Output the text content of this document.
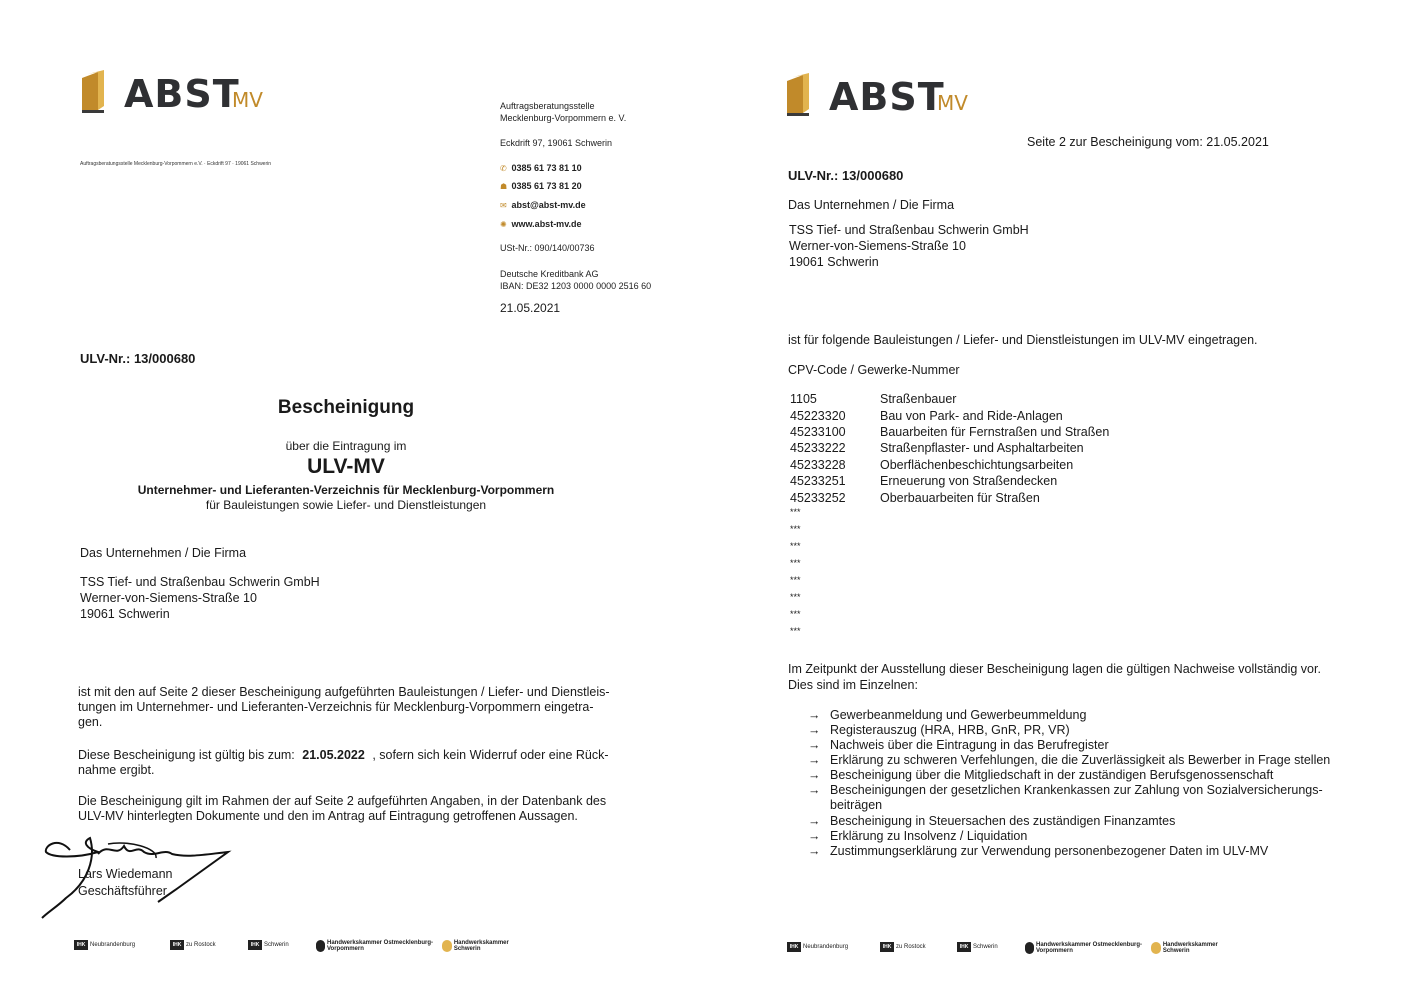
ABST
MV
Auftragsberatungsstelle Mecklenburg-Vorpommern e.V. · Eckdrift 97 · 19061 Schwerin
Auftragsberatungsstelle
Mecklenburg-Vorpommern e. V.
Eckdrift 97, 19061 Schwerin
✆ 0385 61 73 81 10
☗ 0385 61 73 81 20
✉ abst@abst-mv.de
✺ www.abst-mv.de
USt-Nr.: 090/140/00736
Deutsche Kreditbank AG
IBAN: DE32 1203 0000 0000 2516 60
21.05.2021
ULV-Nr.: 13/000680
Bescheinigung
über die Eintragung im
ULV-MV
Unternehmer- und Lieferanten-Verzeichnis für Mecklenburg-Vorpommern
für Bauleistungen sowie Liefer- und Dienstleistungen
Das Unternehmen / Die Firma
TSS Tief- und Straßenbau Schwerin GmbH
Werner-von-Siemens-Straße 10
19061 Schwerin
ist mit den auf Seite 2 dieser Bescheinigung aufgeführten Bauleistungen / Liefer- und Dienstleis-
tungen im Unternehmer- und Lieferanten-Verzeichnis für Mecklenburg-Vorpommern eingetra-
gen.
Diese Bescheinigung ist gültig bis zum: 21.05.2022 , sofern sich kein Widerruf oder eine Rück-
nahme ergibt.
Die Bescheinigung gilt im Rahmen der auf Seite 2 aufgeführten Angaben, in der Datenbank des
ULV-MV hinterlegten Dokumente und den im Antrag auf Eintragung getroffenen Aussagen.
Lars Wiedemann
Geschäftsführer
IHK Neubrandenburg	IHK zu Rostock	IHK Schwerin	Handwerkskammer Ostmecklenburg-Vorpommern
Handwerkskammer Schwerin
ABST
MV
Seite 2 zur Bescheinigung vom: 21.05.2021
ULV-Nr.: 13/000680
Das Unternehmen / Die Firma
TSS Tief- und Straßenbau Schwerin GmbH
Werner-von-Siemens-Straße 10
19061 Schwerin
ist für folgende Bauleistungen / Liefer- und Dienstleistungen im ULV-MV eingetragen.
CPV-Code / Gewerke-Nummer
1105	Straßenbauer
45223320	Bau von Park- and Ride-Anlagen
45233100	Bauarbeiten für Fernstraßen und Straßen
45233222	Straßenpflaster- und Asphaltarbeiten
45233228	Oberflächenbeschichtungsarbeiten
45233251	Erneuerung von Straßendecken
45233252	Oberbauarbeiten für Straßen
***
***
***
***
***
***
***
***
Im Zeitpunkt der Ausstellung dieser Bescheinigung lagen die gültigen Nachweise vollständig vor.
Dies sind im Einzelnen:
→ Gewerbeanmeldung und Gewerbeummeldung
→ Registerauszug (HRA, HRB, GnR, PR, VR)
→ Nachweis über die Eintragung in das Berufregister
→ Erklärung zu schweren Verfehlungen, die die Zuverlässigkeit als Bewerber in Frage stellen
→ Bescheinigung über die Mitgliedschaft in der zuständigen Berufsgenossenschaft
→ Bescheinigungen der gesetzlichen Krankenkassen zur Zahlung von Sozialversicherungs-
beiträgen
→ Bescheinigung in Steuersachen des zuständigen Finanzamtes
→ Erklärung zu Insolvenz / Liquidation
→ Zustimmungserklärung zur Verwendung personenbezogener Daten im ULV-MV
IHK Neubrandenburg	IHK zu Rostock	IHK Schwerin	Handwerkskammer Ostmecklenburg-Vorpommern
Handwerkskammer Schwerin
